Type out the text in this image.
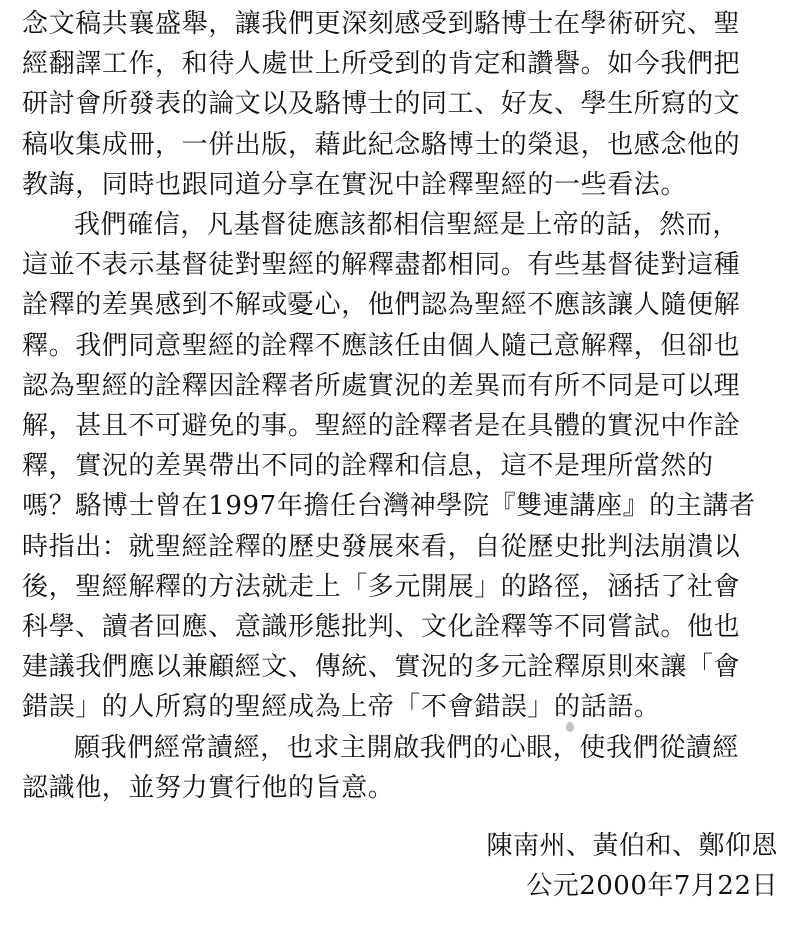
念文稿共襄盛舉，讓我們更深刻感受到駱博士在學術研究、聖
經翻譯工作，和待人處世上所受到的肯定和讚譽。如今我們把
研討會所發表的論文以及駱博士的同工、好友、學生所寫的文
稿收集成冊，一併出版，藉此紀念駱博士的榮退，也感念他的
教誨，同時也跟同道分享在實況中詮釋聖經的一些看法。
我們確信，凡基督徒應該都相信聖經是上帝的話，然而，
這並不表示基督徒對聖經的解釋盡都相同。有些基督徒對這種
詮釋的差異感到不解或憂心，他們認為聖經不應該讓人隨便解
釋。我們同意聖經的詮釋不應該任由個人隨己意解釋，但卻也
認為聖經的詮釋因詮釋者所處實況的差異而有所不同是可以理
解，甚且不可避免的事。聖經的詮釋者是在具體的實況中作詮
釋，實況的差異帶出不同的詮釋和信息，這不是理所當然的
嗎？駱博士曾在1997年擔任台灣神學院『雙連講座』的主講者
時指出：就聖經詮釋的歷史發展來看，自從歷史批判法崩潰以
後，聖經解釋的方法就走上「多元開展」的路徑，涵括了社會
科學、讀者回應、意識形態批判、文化詮釋等不同嘗試。他也
建議我們應以兼顧經文、傳統、實況的多元詮釋原則來讓「會
錯誤」的人所寫的聖經成為上帝「不會錯誤」的話語。
願我們經常讀經，也求主開啟我們的心眼，使我們從讀經
認識他，並努力實行他的旨意。
陳南州、黃伯和、鄭仰恩
公元2000年7月22日
